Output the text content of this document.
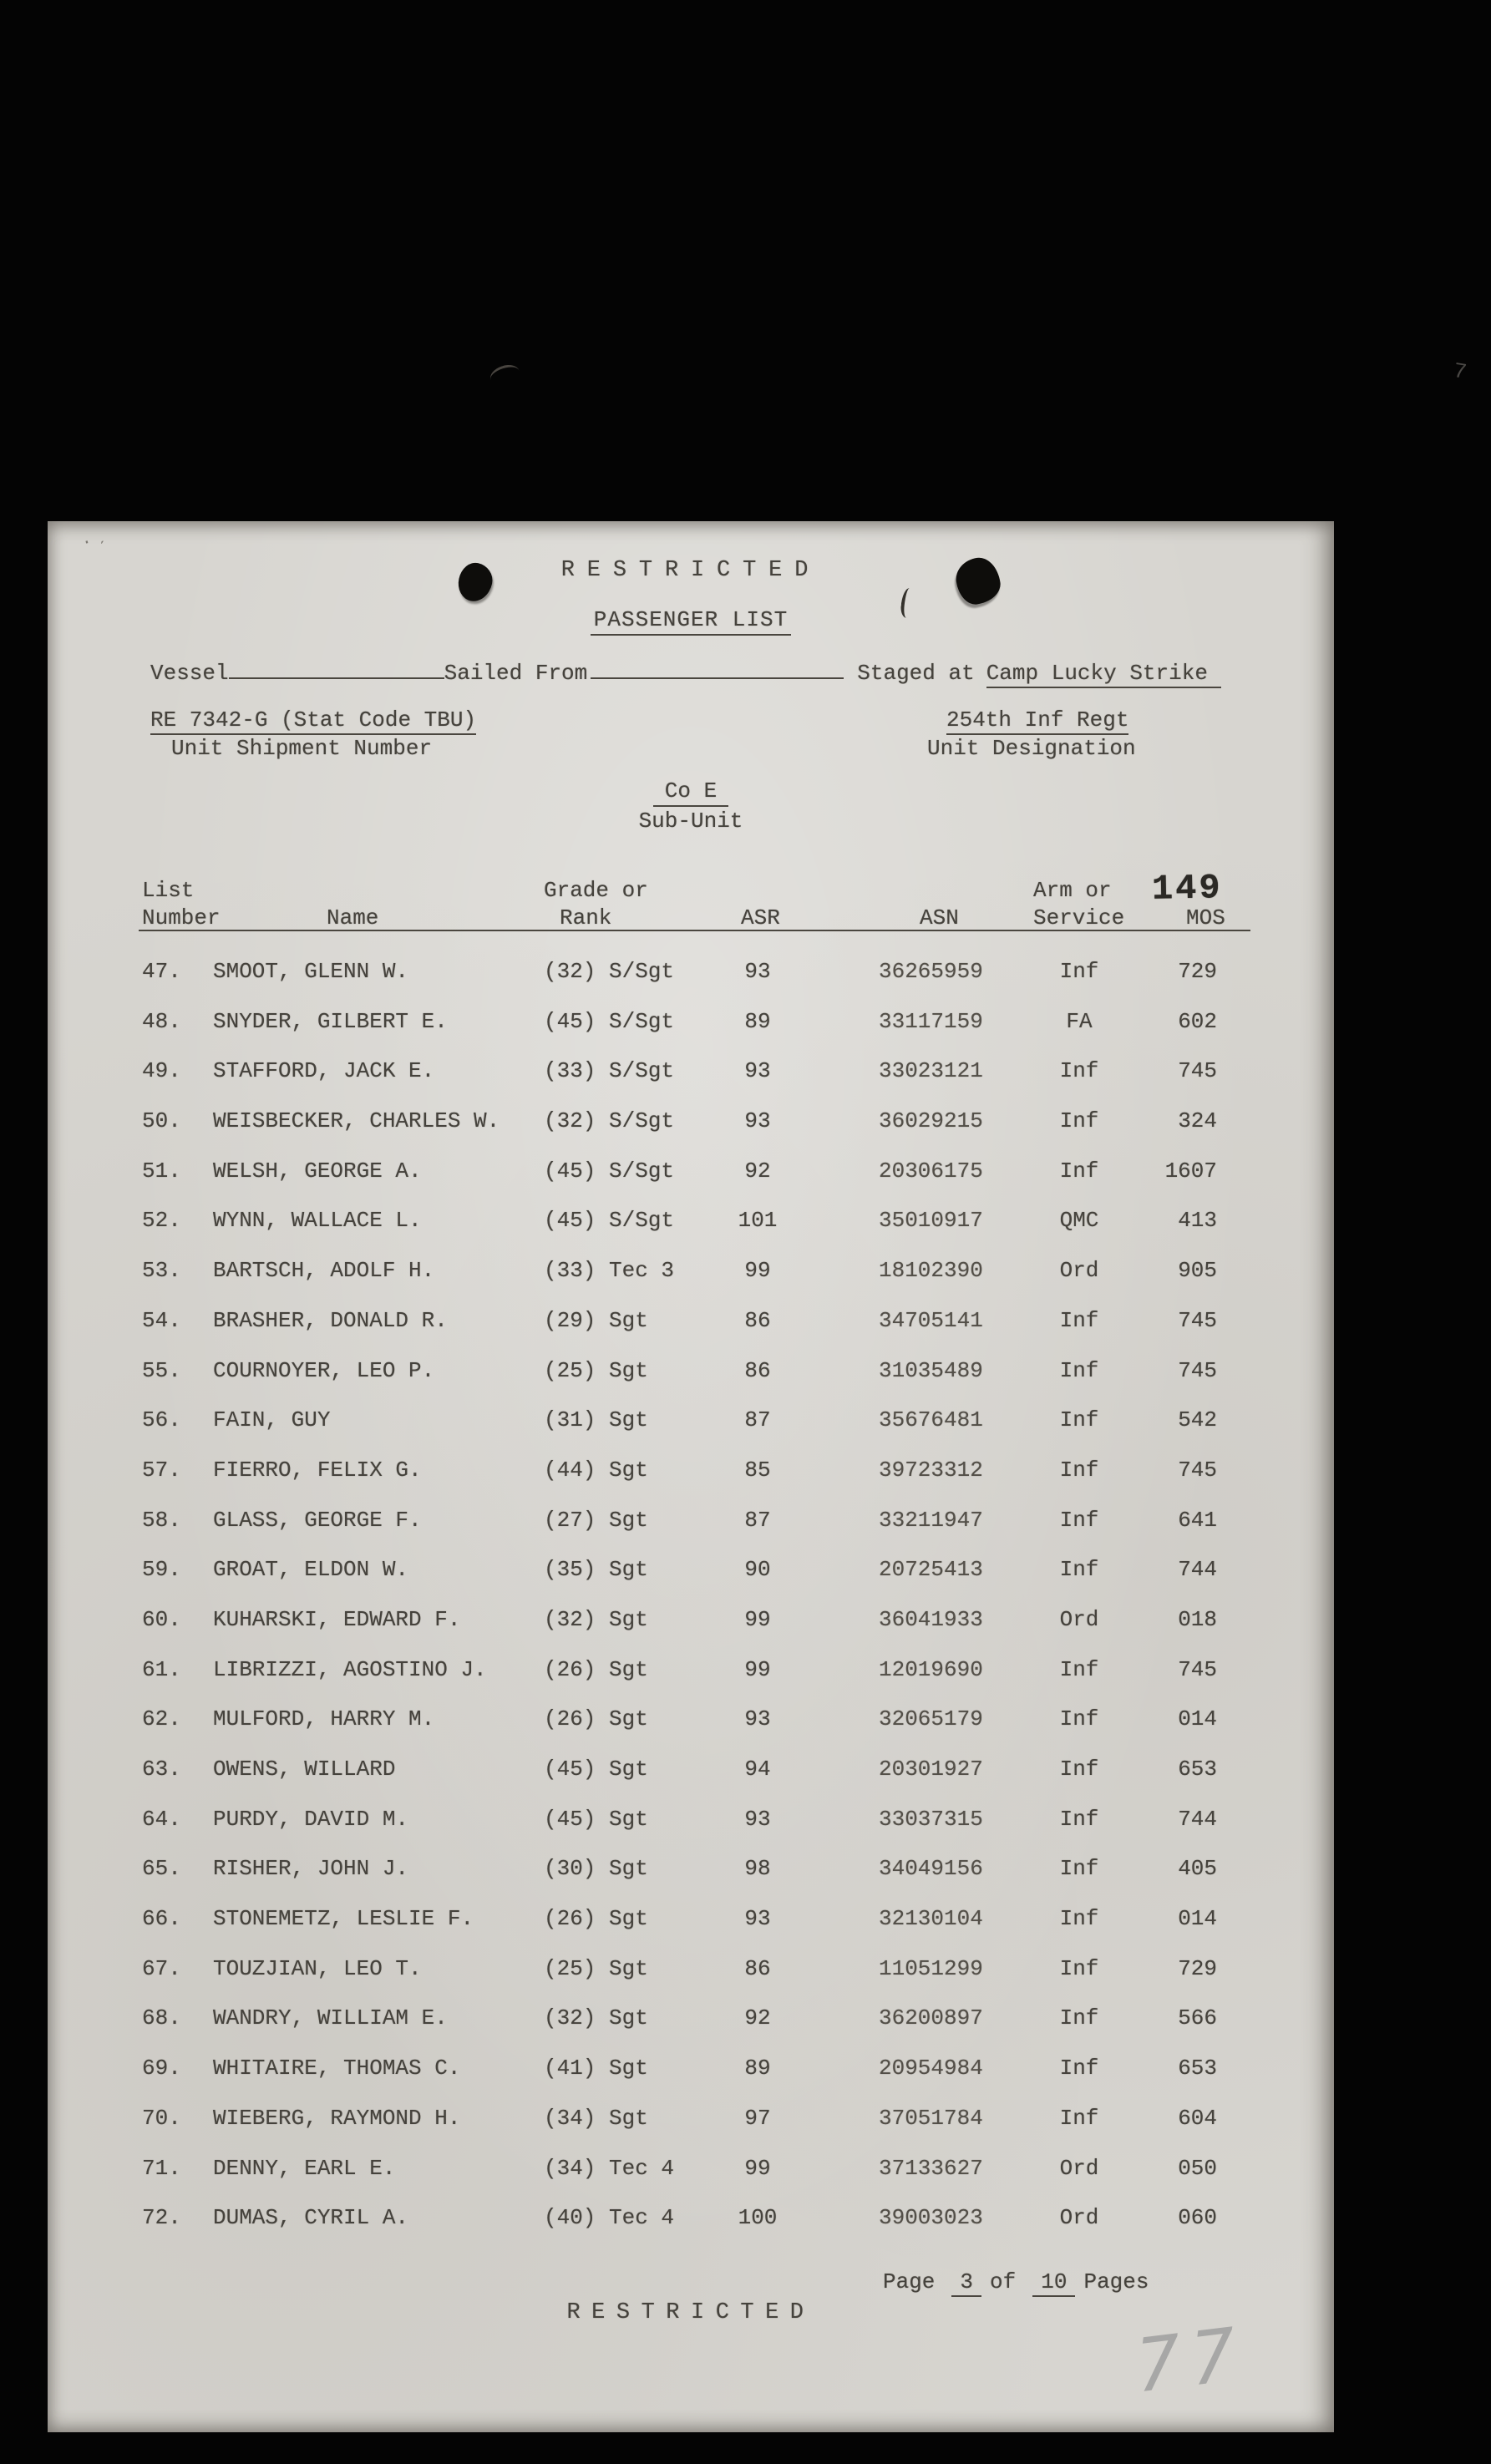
7
.ˏ
RESTRICTED
PASSENGER LIST
Vessel	Sailed From	Staged at Camp Lucky Strike
RE 7342-G (Stat Code TBU)	254th Inf Regt
Unit Shipment Number	Unit Designation
Co E
Sub-Unit
List	Grade or	Arm or
Number	Name	Rank	ASR	ASN	Service	MOS
149
47. SMOOT, GLENN W.	(32) S/Sgt	93	36265959	Inf	729
48. SNYDER, GILBERT E.	(45) S/Sgt	89	33117159	FA	602
49. STAFFORD, JACK E.	(33) S/Sgt	93	33023121	Inf	745
50. WEISBECKER, CHARLES W. (32) S/Sgt	93	36029215	Inf	324
51. WELSH, GEORGE A.	(45) S/Sgt	92	20306175	Inf	1607
52. WYNN, WALLACE L.	(45) S/Sgt	101	35010917	QMC	413
53. BARTSCH, ADOLF H.	(33) Tec 3	99	18102390	Ord	905
54. BRASHER, DONALD R.	(29) Sgt	86	34705141	Inf	745
55. COURNOYER, LEO P.	(25) Sgt	86	31035489	Inf	745
56. FAIN, GUY	(31) Sgt	87	35676481	Inf	542
57. FIERRO, FELIX G.	(44) Sgt	85	39723312	Inf	745
58. GLASS, GEORGE F.	(27) Sgt	87	33211947	Inf	641
59. GROAT, ELDON W.	(35) Sgt	90	20725413	Inf	744
60. KUHARSKI, EDWARD F.	(32) Sgt	99	36041933	Ord	018
61. LIBRIZZI, AGOSTINO J.	(26) Sgt	99	12019690	Inf	745
62. MULFORD, HARRY M.	(26) Sgt	93	32065179	Inf	014
63. OWENS, WILLARD	(45) Sgt	94	20301927	Inf	653
64. PURDY, DAVID M.	(45) Sgt	93	33037315	Inf	744
65. RISHER, JOHN J.	(30) Sgt	98	34049156	Inf	405
66. STONEMETZ, LESLIE F.	(26) Sgt	93	32130104	Inf	014
67. TOUZJIAN, LEO T.	(25) Sgt	86	11051299	Inf	729
68. WANDRY, WILLIAM E.	(32) Sgt	92	36200897	Inf	566
69. WHITAIRE, THOMAS C.	(41) Sgt	89	20954984	Inf	653
70. WIEBERG, RAYMOND H.	(34) Sgt	97	37051784	Inf	604
71. DENNY, EARL E.	(34) Tec 4	99	37133627	Ord	050
72. DUMAS, CYRIL A.	(40) Tec 4	100	39003023	Ord	060
Page 3 of 10 Pages
RESTRICTED	77
